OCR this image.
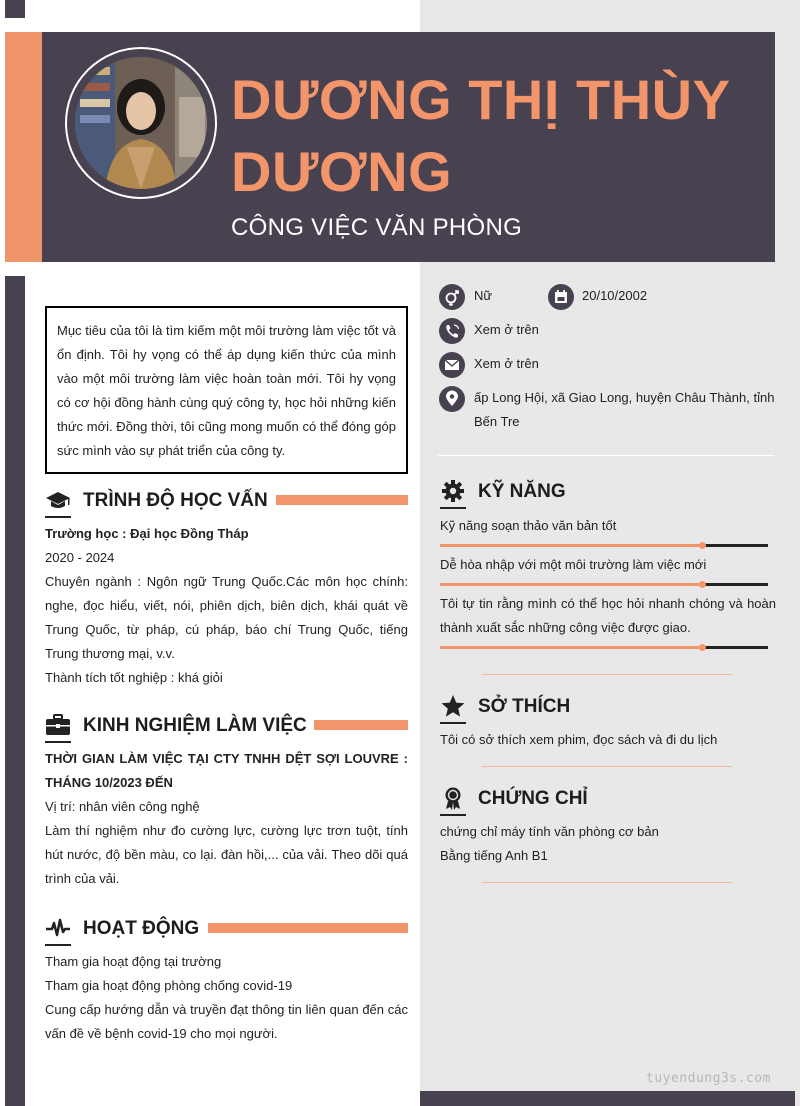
DƯƠNG THỊ THÙY DƯƠNG
CÔNG VIỆC VĂN PHÒNG
Mục tiêu của tôi là tìm kiếm một môi trường làm việc tốt và ổn định. Tôi hy vọng có thể áp dụng kiến thức của mình vào một môi trường làm việc hoàn toàn mới. Tôi hy vọng có cơ hội đồng hành cùng quý công ty, học hỏi những kiến thức mới. Đồng thời, tôi cũng mong muốn có thể đóng góp sức mình vào sự phát triển của công ty.
TRÌNH ĐỘ HỌC VẤN
Trường học : Đại học Đồng Tháp
2020 - 2024
Chuyên ngành : Ngôn ngữ Trung Quốc.Các môn học chính: nghe, đọc hiểu, viết, nói, phiên dịch, biên dịch, khái quát về Trung Quốc, từ pháp, cú pháp, báo chí Trung Quốc, tiếng Trung thương mại, v.v.
Thành tích tốt nghiệp : khá giỏi
KINH NGHIỆM LÀM VIỆC
THỜI GIAN LÀM VIỆC TẠI CTY TNHH DỆT SỢI LOUVRE : THÁNG 10/2023 ĐẾN
Vị trí: nhân viên công nghệ
Làm thí nghiệm như đo cường lực, cường lực trơn tuột, tính hút nước, độ bền màu, co lại. đàn hồi,... của vải. Theo dõi quá trình của vải.
HOẠT ĐỘNG
Tham gia hoạt động tại trường
Tham gia hoạt động phòng chống covid-19
Cung cấp hướng dẫn và truyền đạt thông tin liên quan đến các vấn đề về bệnh covid-19 cho mọi người.
Nữ	20/10/2002
Xem ở trên
Xem ở trên
ấp Long Hội, xã Giao Long, huyện Châu Thành, tỉnh Bến Tre
KỸ NĂNG
Kỹ năng soạn thảo văn bản tốt
Dễ hòa nhập với một môi trường làm việc mới
Tôi tự tin rằng mình có thể học hỏi nhanh chóng và hoàn thành xuất sắc những công việc được giao.
SỞ THÍCH
Tôi có sở thích xem phim, đọc sách và đi du lịch
CHỨNG CHỈ
chứng chỉ máy tính văn phòng cơ bản
Bằng tiếng Anh B1
tuyendung3s.com
